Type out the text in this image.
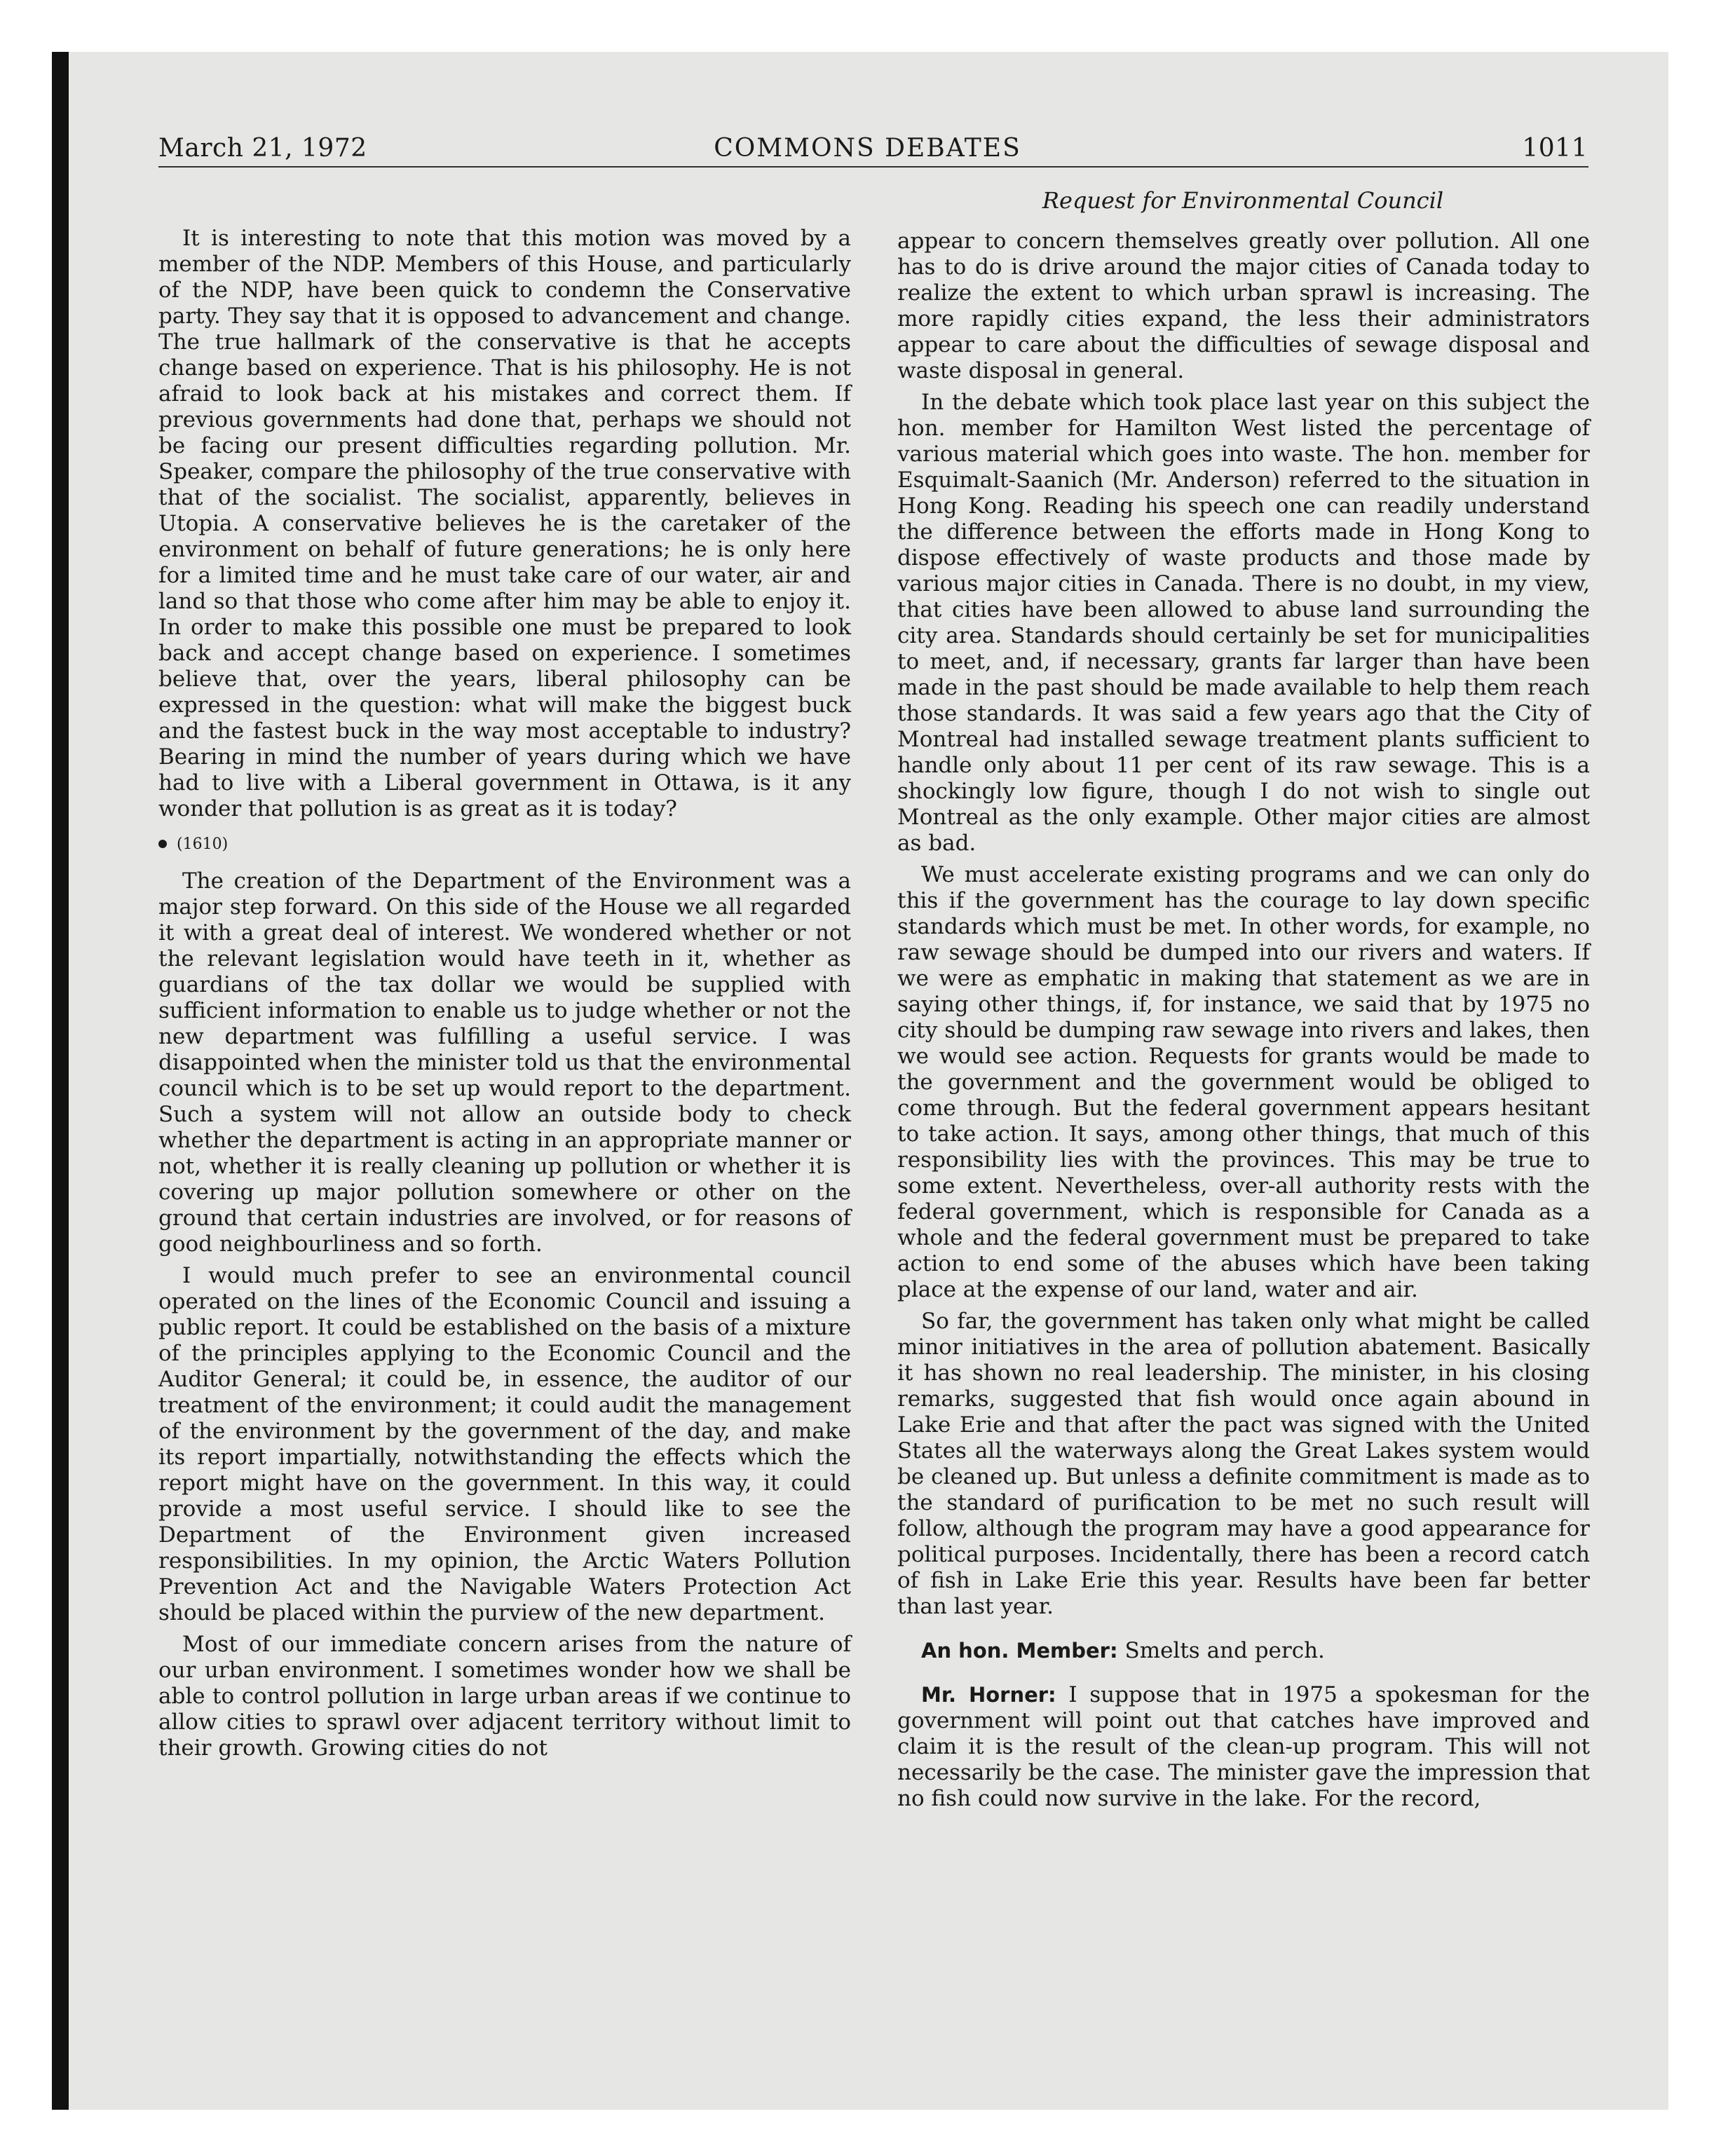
March 21, 1972	COMMONS DEBATES	1011
Request for Environmental Council

It is interesting to note that this motion was moved by a member of the NDP. Members of this House, and particularly of the NDP, have been quick to condemn the Conservative party. They say that it is opposed to advancement and change. The true hallmark of the conservative is that he accepts change based on experience. That is his philosophy. He is not afraid to look back at his mistakes and correct them. If previous governments had done that, perhaps we should not be facing our present difficulties regarding pollution. Mr. Speaker, compare the philosophy of the true conservative with that of the socialist. The socialist, apparently, believes in Utopia. A conservative believes he is the caretaker of the environment on behalf of future generations; he is only here for a limited time and he must take care of our water, air and land so that those who come after him may be able to enjoy it. In order to make this possible one must be prepared to look back and accept change based on experience. I sometimes believe that, over the years, liberal philosophy can be expressed in the question: what will make the biggest buck and the fastest buck in the way most acceptable to industry? Bearing in mind the number of years during which we have had to live with a Liberal government in Ottawa, is it any wonder that pollution is as great as it is today?

(1610)

The creation of the Department of the Environment was a major step forward. On this side of the House we all regarded it with a great deal of interest. We wondered whether or not the relevant legislation would have teeth in it, whether as guardians of the tax dollar we would be supplied with sufficient information to enable us to judge whether or not the new department was fulfilling a useful service. I was disappointed when the minister told us that the environmental council which is to be set up would report to the department. Such a system will not allow an outside body to check whether the department is acting in an appropriate manner or not, whether it is really cleaning up pollution or whether it is covering up major pollution somewhere or other on the ground that certain industries are involved, or for reasons of good neighbourliness and so forth.

I would much prefer to see an environmental council operated on the lines of the Economic Council and issuing a public report. It could be established on the basis of a mixture of the principles applying to the Economic Council and the Auditor General; it could be, in essence, the auditor of our treatment of the environment; it could audit the management of the environment by the government of the day, and make its report impartially, notwithstanding the effects which the report might have on the government. In this way, it could provide a most useful service. I should like to see the Department of the Environment given increased responsibilities. In my opinion, the Arctic Waters Pollution Prevention Act and the Navigable Waters Protection Act should be placed within the purview of the new department.

Most of our immediate concern arises from the nature of our urban environment. I sometimes wonder how we shall be able to control pollution in large urban areas if we continue to allow cities to sprawl over adjacent territory without limit to their growth. Growing cities do not

appear to concern themselves greatly over pollution. All one has to do is drive around the major cities of Canada today to realize the extent to which urban sprawl is increasing. The more rapidly cities expand, the less their administrators appear to care about the difficulties of sewage disposal and waste disposal in general.

In the debate which took place last year on this subject the hon. member for Hamilton West listed the percentage of various material which goes into waste. The hon. member for Esquimalt-Saanich (Mr. Anderson) referred to the situation in Hong Kong. Reading his speech one can readily understand the difference between the efforts made in Hong Kong to dispose effectively of waste products and those made by various major cities in Canada. There is no doubt, in my view, that cities have been allowed to abuse land surrounding the city area. Standards should certainly be set for municipalities to meet, and, if necessary, grants far larger than have been made in the past should be made available to help them reach those standards. It was said a few years ago that the City of Montreal had installed sewage treatment plants sufficient to handle only about 11 per cent of its raw sewage. This is a shockingly low figure, though I do not wish to single out Montreal as the only example. Other major cities are almost as bad.

We must accelerate existing programs and we can only do this if the government has the courage to lay down specific standards which must be met. In other words, for example, no raw sewage should be dumped into our rivers and waters. If we were as emphatic in making that statement as we are in saying other things, if, for instance, we said that by 1975 no city should be dumping raw sewage into rivers and lakes, then we would see action. Requests for grants would be made to the government and the government would be obliged to come through. But the federal government appears hesitant to take action. It says, among other things, that much of this responsibility lies with the provinces. This may be true to some extent. Nevertheless, over-all authority rests with the federal government, which is responsible for Canada as a whole and the federal government must be prepared to take action to end some of the abuses which have been taking place at the expense of our land, water and air.

So far, the government has taken only what might be called minor initiatives in the area of pollution abatement. Basically it has shown no real leadership. The minister, in his closing remarks, suggested that fish would once again abound in Lake Erie and that after the pact was signed with the United States all the waterways along the Great Lakes system would be cleaned up. But unless a definite commitment is made as to the standard of purification to be met no such result will follow, although the program may have a good appearance for political purposes. Incidentally, there has been a record catch of fish in Lake Erie this year. Results have been far better than last year.

An hon. Member: Smelts and perch.

Mr. Horner: I suppose that in 1975 a spokesman for the government will point out that catches have improved and claim it is the result of the clean-up program. This will not necessarily be the case. The minister gave the impression that no fish could now survive in the lake. For the record,
